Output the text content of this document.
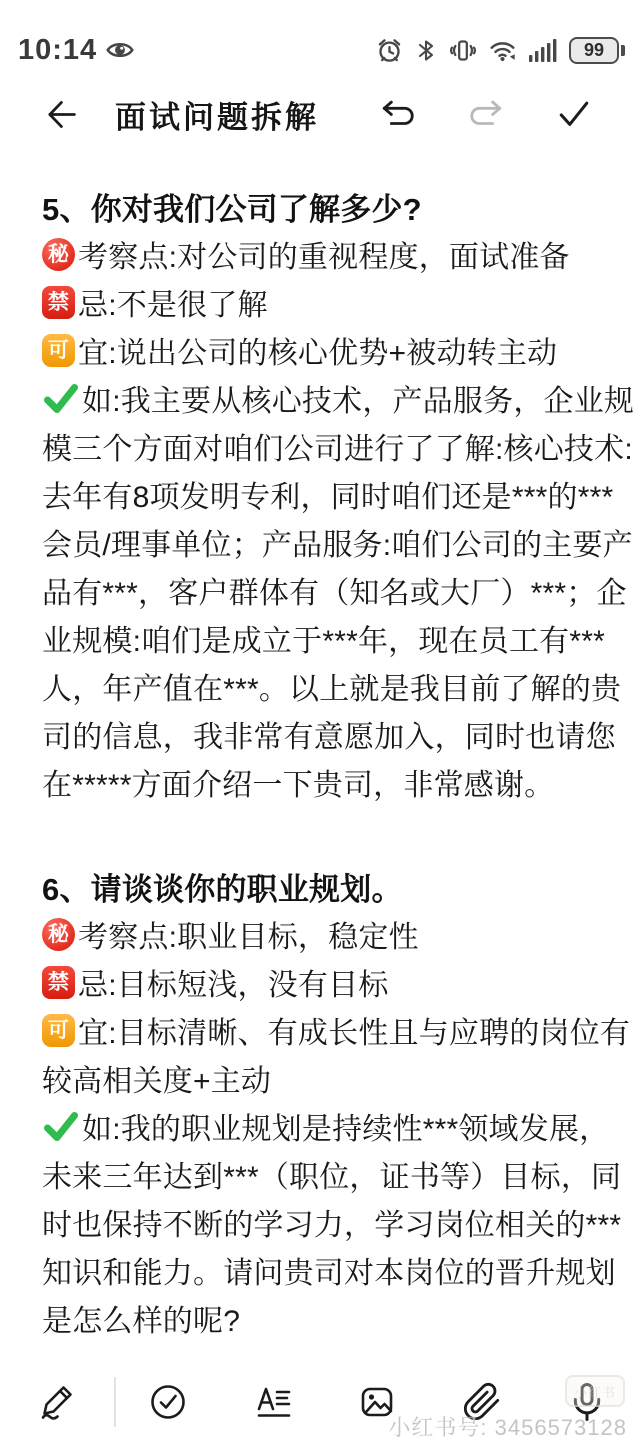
10:14	99
面试问题拆解
5、你对我们公司了解多少?
秘 考察点:对公司的重视程度，面试准备
禁 忌:不是很了解
可 宜:说出公司的核心优势+被动转主动
如:我主要从核心技术，产品服务，企业规
模三个方面对咱们公司进行了了解:核心技术:
去年有8项发明专利，同时咱们还是***的***
会员/理事单位；产品服务:咱们公司的主要产
品有***，客户群体有（知名或大厂）***；企
业规模:咱们是成立于***年，现在员工有***
人，年产值在***。以上就是我目前了解的贵
司的信息，我非常有意愿加入，同时也请您
在*****方面介绍一下贵司，非常感谢。
6、请谈谈你的职业规划。
秘 考察点:职业目标，稳定性
禁 忌:目标短浅，没有目标
可 宜:目标清晰、有成长性且与应聘的岗位有
较高相关度+主动
如:我的职业规划是持续性***领域发展，
未来三年达到***（职位，证书等）目标，同
时也保持不断的学习力，学习岗位相关的***
知识和能力。请问贵司对本岗位的晋升规划
是怎么样的呢?
小红书
小红书号: 3456573128
